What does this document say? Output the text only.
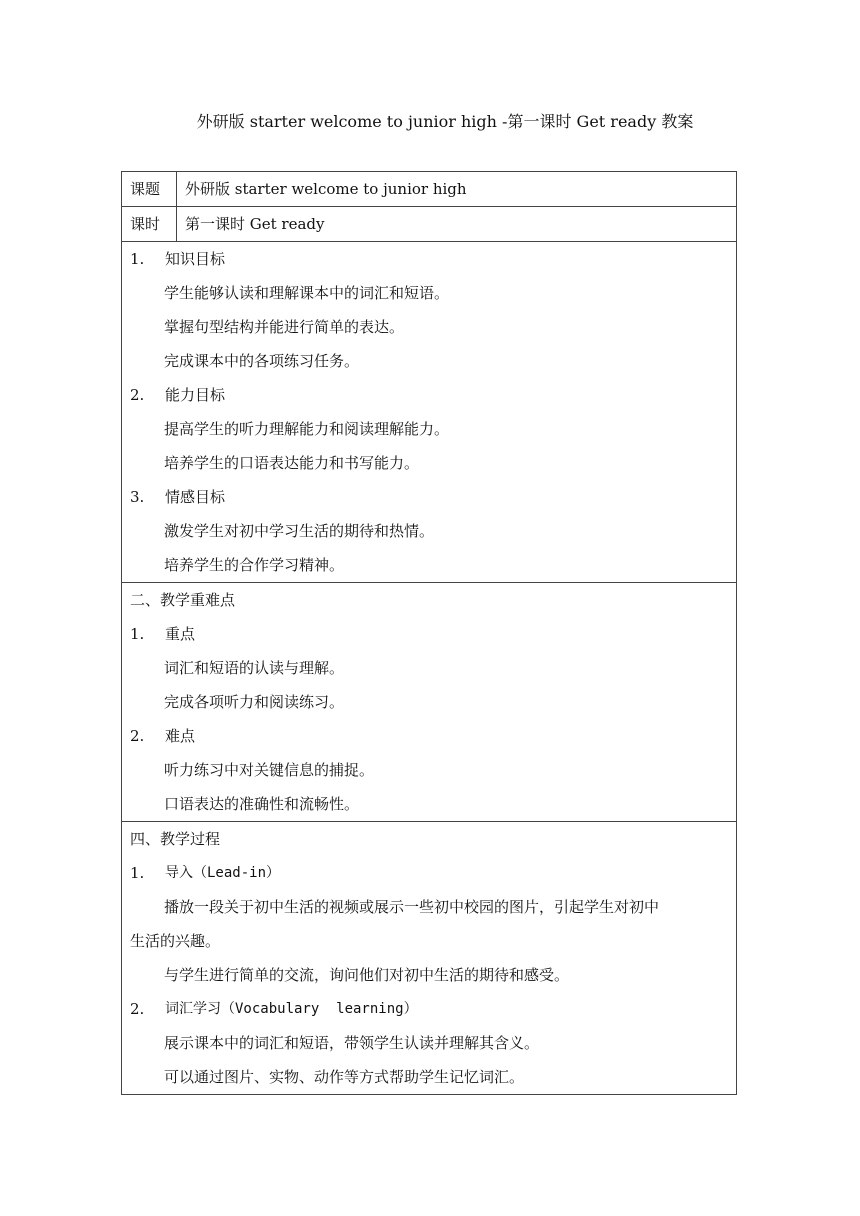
外研版 starter welcome to junior high -第一课时 Get ready 教案
课题	外研版 starter welcome to junior high
课时	第一课时 Get ready
1.	知识目标
学生能够认读和理解课本中的词汇和短语。
掌握句型结构并能进行简单的表达。
完成课本中的各项练习任务。
2.	能力目标
提高学生的听力理解能力和阅读理解能力。
培养学生的口语表达能力和书写能力。
3.	情感目标
激发学生对初中学习生活的期待和热情。
培养学生的合作学习精神。
二、教学重难点
1.	重点
词汇和短语的认读与理解。
完成各项听力和阅读练习。
2.	难点
听力练习中对关键信息的捕捉。
口语表达的准确性和流畅性。
四、教学过程
1.	导入（Lead-in）
播放一段关于初中生活的视频或展示一些初中校园的图片，引起学生对初中
生活的兴趣。
与学生进行简单的交流，询问他们对初中生活的期待和感受。
2.	词汇学习（Vocabulary  learning）
展示课本中的词汇和短语，带领学生认读并理解其含义。
可以通过图片、实物、动作等方式帮助学生记忆词汇。
